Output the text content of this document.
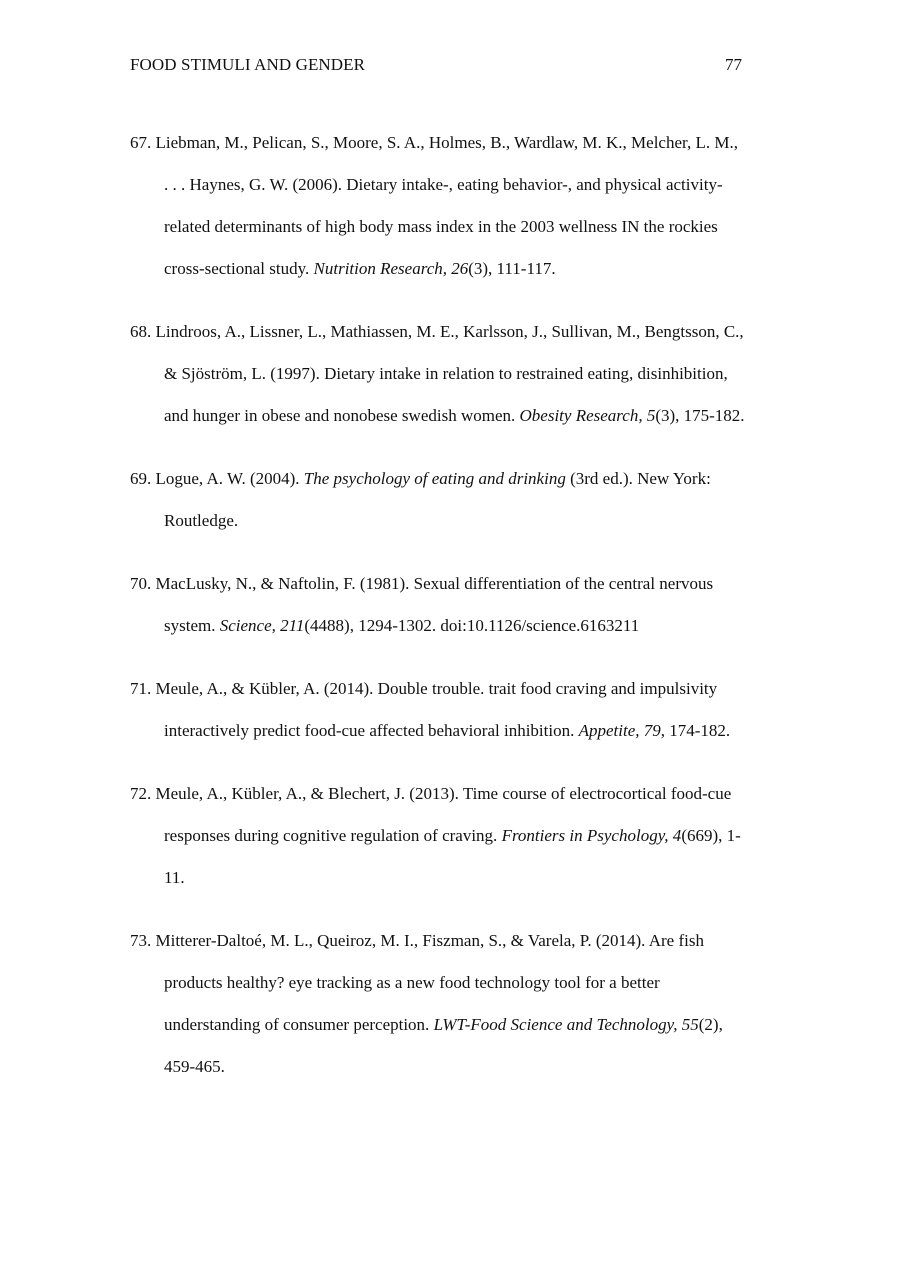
FOOD STIMULI AND GENDER	77
67. Liebman, M., Pelican, S., Moore, S. A., Holmes, B., Wardlaw, M. K., Melcher, L. M.,
. . . Haynes, G. W. (2006). Dietary intake-, eating behavior-, and physical activity-
related determinants of high body mass index in the 2003 wellness IN the rockies
cross-sectional study. Nutrition Research, 26(3), 111-117.
68. Lindroos, A., Lissner, L., Mathiassen, M. E., Karlsson, J., Sullivan, M., Bengtsson, C.,
& Sjöström, L. (1997). Dietary intake in relation to restrained eating, disinhibition,
and hunger in obese and nonobese swedish women. Obesity Research, 5(3), 175-182.
69. Logue, A. W. (2004). The psychology of eating and drinking (3rd ed.). New York:
Routledge.
70. MacLusky, N., & Naftolin, F. (1981). Sexual differentiation of the central nervous
system. Science, 211(4488), 1294-1302. doi:10.1126/science.6163211
71. Meule, A., & Kübler, A. (2014). Double trouble. trait food craving and impulsivity
interactively predict food-cue affected behavioral inhibition. Appetite, 79, 174-182.
72. Meule, A., Kübler, A., & Blechert, J. (2013). Time course of electrocortical food-cue
responses during cognitive regulation of craving. Frontiers in Psychology, 4(669), 1-
11.
73. Mitterer-Daltoé, M. L., Queiroz, M. I., Fiszman, S., & Varela, P. (2014). Are fish
products healthy? eye tracking as a new food technology tool for a better
understanding of consumer perception. LWT-Food Science and Technology, 55(2),
459-465.
